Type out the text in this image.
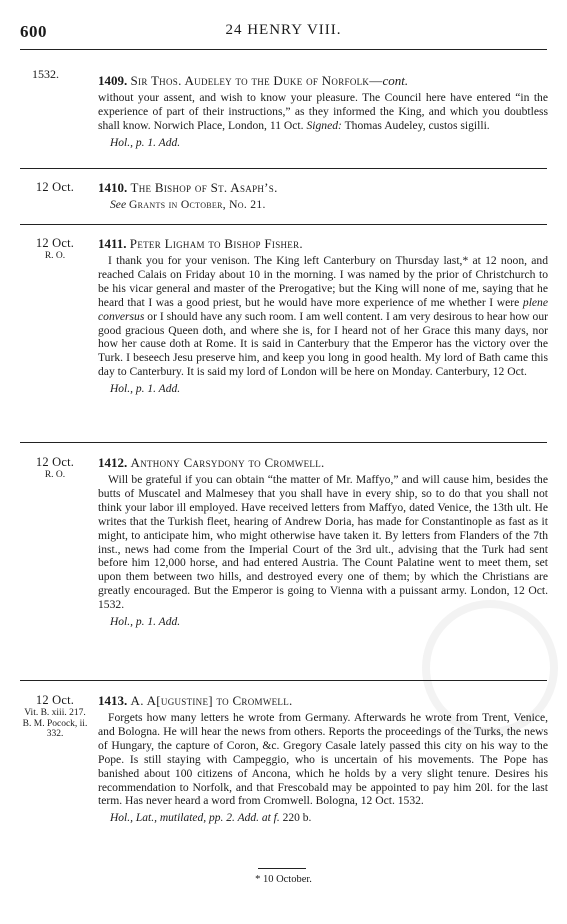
600	24 HENRY VIII.
1532.	1409. Sir Thos. Audeley to the Duke of Norfolk—cont.
without your assent, and wish to know your pleasure. The Council here have entered “in the experience of part of their instructions,” as they informed the King, and which you doubtless shall know. Norwich Place, London, 11 Oct. Signed: Thomas Audeley, custos sigilli.
Hol., p. 1. Add.
12 Oct.	1410. The Bishop of St. Asaph’s.
See Grants in October, No. 21.
12 Oct.
R. O.
1411. Peter Ligham to Bishop Fisher.
I thank you for your venison. The King left Canterbury on Thursday last,* at 12 noon, and reached Calais on Friday about 10 in the morning. I was named by the prior of Christchurch to be his vicar general and master of the Prerogative; but the King will none of me, saying that he heard that I was a good priest, but he would have more experience of me whether I were plene conversus or I should have any such room. I am well content. I am very desirous to hear how our good gracious Queen doth, and where she is, for I heard not of her Grace this many days, nor how her cause doth at Rome. It is said in Canterbury that the Emperor has the victory over the Turk. I beseech Jesu preserve him, and keep you long in good health. My lord of Bath came this day to Canterbury. It is said my lord of London will be here on Monday. Canterbury, 12 Oct.
Hol., p. 1. Add.
12 Oct.
R. O.
1412. Anthony Carsydony to Cromwell.
Will be grateful if you can obtain “the matter of Mr. Maffyo,” and will cause him, besides the butts of Muscatel and Malmesey that you shall have in every ship, so to do that you shall not think your labor ill employed. Have received letters from Maffyo, dated Venice, the 13th ult. He writes that the Turkish fleet, hearing of Andrew Doria, has made for Constantinople as fast as it might, to anticipate him, who might otherwise have taken it. By letters from Flanders of the 7th inst., news had come from the Imperial Court of the 3rd ult., advising that the Turk had sent before him 12,000 horse, and had entered Austria. The Count Palatine went to meet them, set upon them between two hills, and destroyed every one of them; by which the Christians are greatly encouraged. But the Emperor is going to Vienna with a puissant army. London, 12 Oct. 1532.
Hol., p. 1. Add.
12 Oct.
Vit. B. xiii. 217. B. M. Pocock, ii. 332.
1413. A. A[ugustine] to Cromwell.
Forgets how many letters he wrote from Germany. Afterwards he wrote from Trent, Venice, and Bologna. He will hear the news from others. Reports the proceedings of the Turks, the news of Hungary, the capture of Coron, &c. Gregory Casale lately passed this city on his way to the Pope. Is still staying with Campeggio, who is uncertain of his movements. The Pope has banished about 100 citizens of Ancona, which he holds by a very slight tenure. Desires his recommendation to Norfolk, and that Frescobald may be appointed to pay him 20l. for the last term. Has never heard a word from Cromwell. Bologna, 12 Oct. 1532.
Hol., Lat., mutilated, pp. 2. Add. at f. 220 b.
* 10 October.
